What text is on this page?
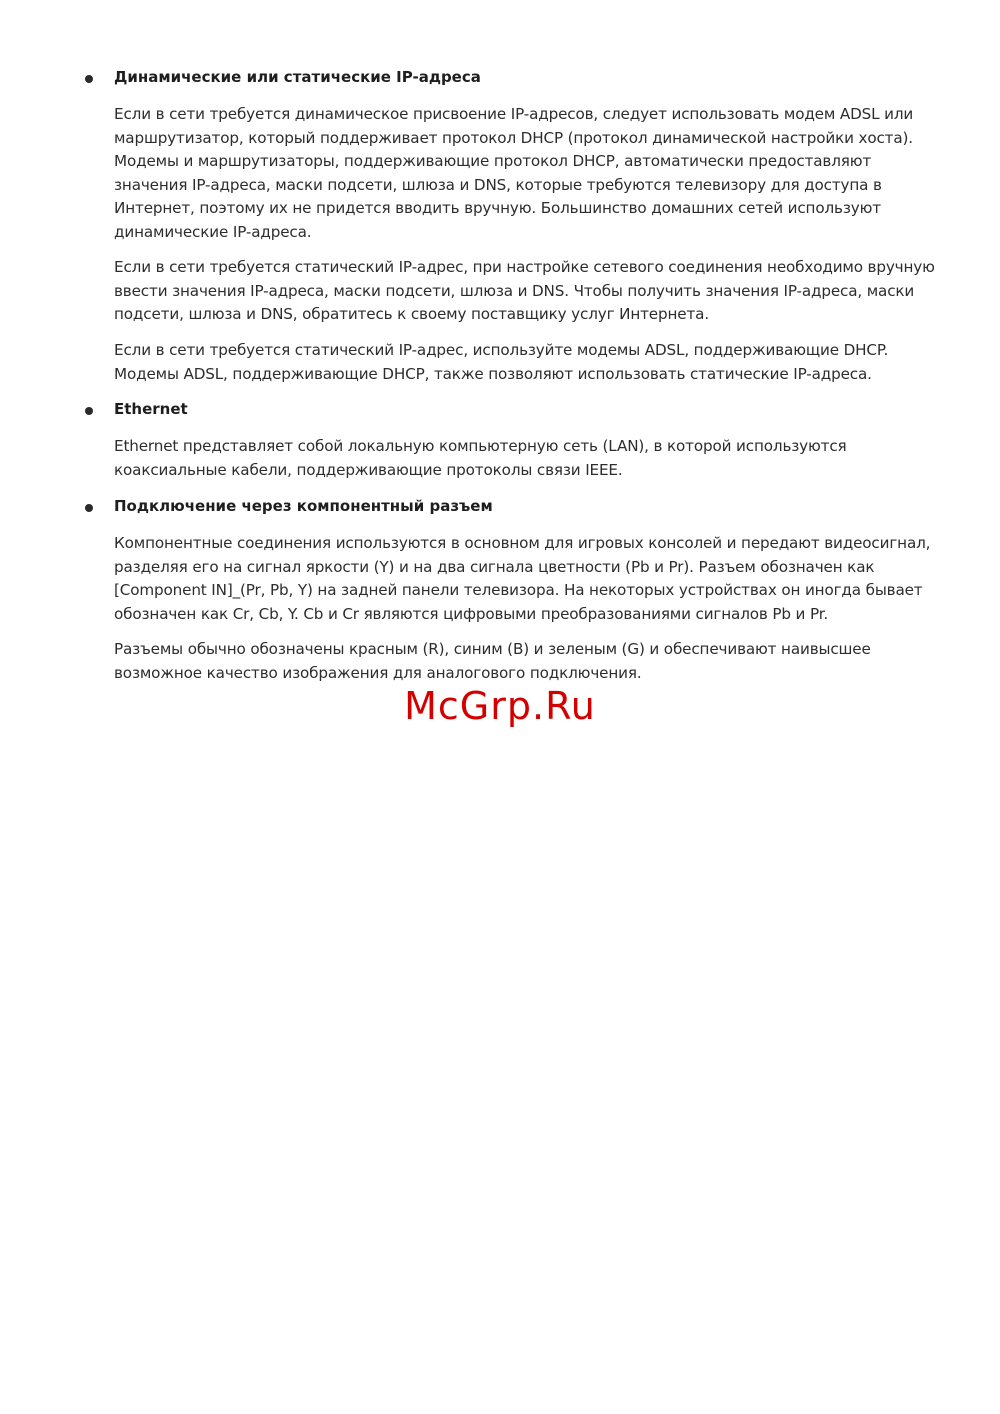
Динамические или статические IP-адреса
Если в сети требуется динамическое присвоение IP-адресов, следует использовать модем ADSL или маршрутизатор, который поддерживает протокол DHCP (протокол динамической настройки хоста). Модемы и маршрутизаторы, поддерживающие протокол DHCP, автоматически предоставляют значения IP-адреса, маски подсети, шлюза и DNS, которые требуются телевизору для доступа в Интернет, поэтому их не придется вводить вручную. Большинство домашних сетей используют динамические IP-адреса.
Если в сети требуется статический IP-адрес, при настройке сетевого соединения необходимо вручную ввести значения IP-адреса, маски подсети, шлюза и DNS. Чтобы получить значения IP-адреса, маски подсети, шлюза и DNS, обратитесь к своему поставщику услуг Интернета.
Если в сети требуется статический IP-адрес, используйте модемы ADSL, поддерживающие DHCP. Модемы ADSL, поддерживающие DHCP, также позволяют использовать статические IP-адреса.
Ethernet
Ethernet представляет собой локальную компьютерную сеть (LAN), в которой используются коаксиальные кабели, поддерживающие протоколы связи IEEE.
Подключение через компонентный разъем
Компонентные соединения используются в основном для игровых консолей и передают видеосигнал, разделяя его на сигнал яркости (Y) и на два сигнала цветности (Pb и Pr). Разъем обозначен как [Component IN]_(Pr, Pb, Y) на задней панели телевизора. На некоторых устройствах он иногда бывает обозначен как Cr, Cb, Y. Cb и Cr являются цифровыми преобразованиями сигналов Pb и Pr.
Разъемы обычно обозначены красным (R), синим (B) и зеленым (G) и обеспечивают наивысшее возможное качество изображения для аналогового подключения.
McGrp.Ru
